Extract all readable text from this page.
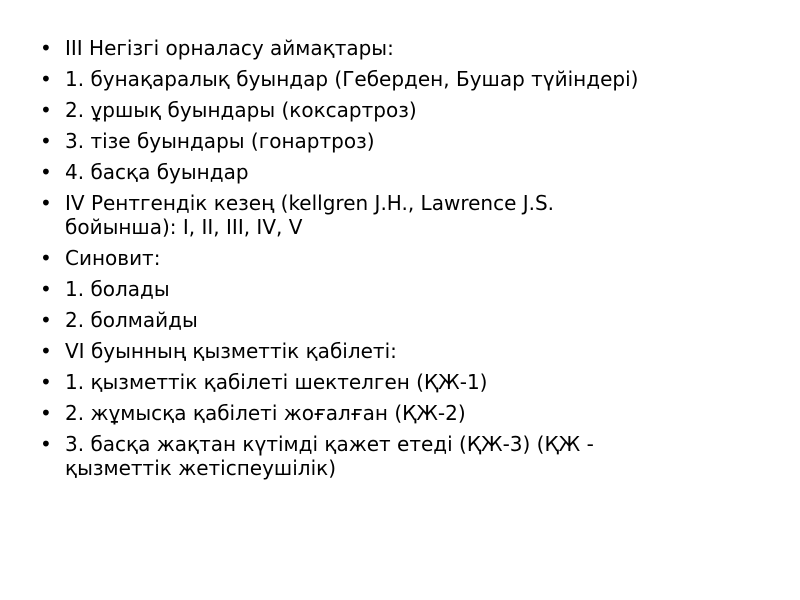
• III Негізгі орналасу аймақтары:
• 1. бунақаралық буындар (Геберден, Бушар түйіндері)
• 2. ұршық буындары (коксартроз)
• 3. тізе буындары (гонартроз)
• 4. басқа буындар
• IV Рентгендік кезең (kellgren J.H., Lawrence J.S. бойынша): I, II, III, IV, V
• Синовит:
• 1. болады
• 2. болмайды
• VI буынның қызметтік қабілеті:
• 1. қызметтік қабілеті шектелген (ҚЖ-1)
• 2. жұмысқа қабілеті жоғалған (ҚЖ-2)
• 3. басқа жақтан күтімді қажет етеді (ҚЖ-3) (ҚЖ - қызметтік жетіспеушілік)
